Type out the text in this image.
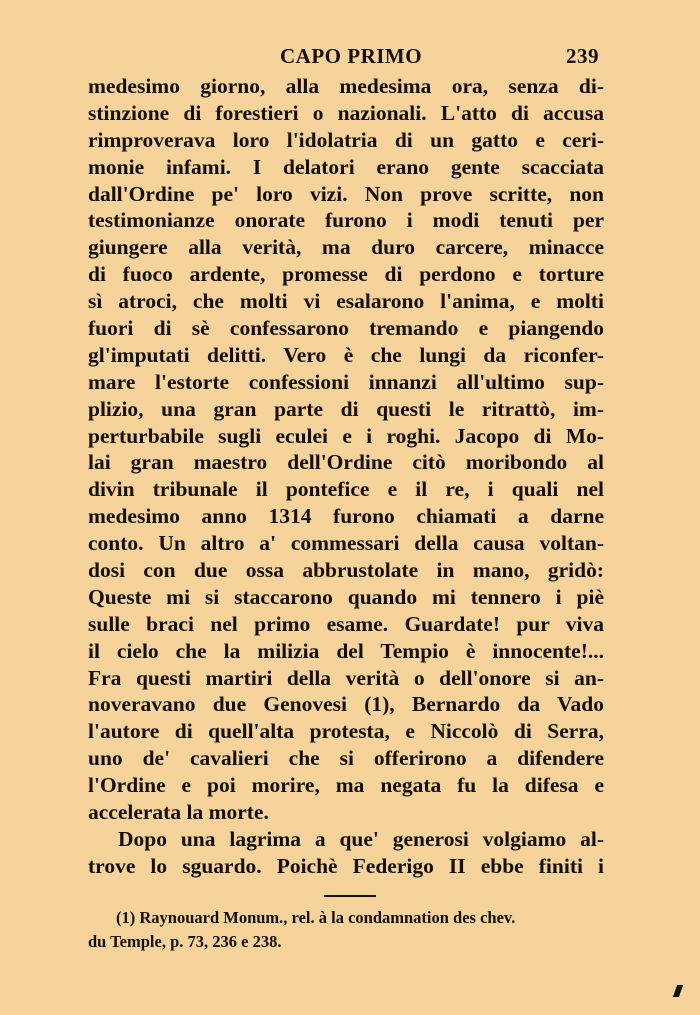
CAPO PRIMO	239
medesimo giorno, alla medesima ora, senza di-
stinzione di forestieri o nazionali. L'atto di accusa
rimproverava loro l'idolatria di un gatto e ceri-
monie infami. I delatori erano gente scacciata
dall'Ordine pe' loro vizi. Non prove scritte, non
testimonianze onorate furono i modi tenuti per
giungere alla verità, ma duro carcere, minacce
di fuoco ardente, promesse di perdono e torture
sì atroci, che molti vi esalarono l'anima, e molti
fuori di sè confessarono tremando e piangendo
gl'imputati delitti. Vero è che lungi da riconfer-
mare l'estorte confessioni innanzi all'ultimo sup-
plizio, una gran parte di questi le ritrattò, im-
perturbabile sugli eculei e i roghi. Jacopo di Mo-
lai gran maestro dell'Ordine citò moribondo al
divin tribunale il pontefice e il re, i quali nel
medesimo anno 1314 furono chiamati a darne
conto. Un altro a' commessari della causa voltan-
dosi con due ossa abbrustolate in mano, gridò:
Queste mi si staccarono quando mi tennero i piè
sulle braci nel primo esame. Guardate! pur viva
il cielo che la milizia del Tempio è innocente!...
Fra questi martiri della verità o dell'onore si an-
noveravano due Genovesi (1), Bernardo da Vado
l'autore di quell'alta protesta, e Niccolò di Serra,
uno de' cavalieri che si offerirono a difendere
l'Ordine e poi morire, ma negata fu la difesa e
accelerata la morte.
Dopo una lagrima a que' generosi volgiamo al-
trove lo sguardo. Poichè Federigo II ebbe finiti i
(1) Raynouard Monum., rel. à la condamnation des chev.
du Temple, p. 73, 236 e 238.
